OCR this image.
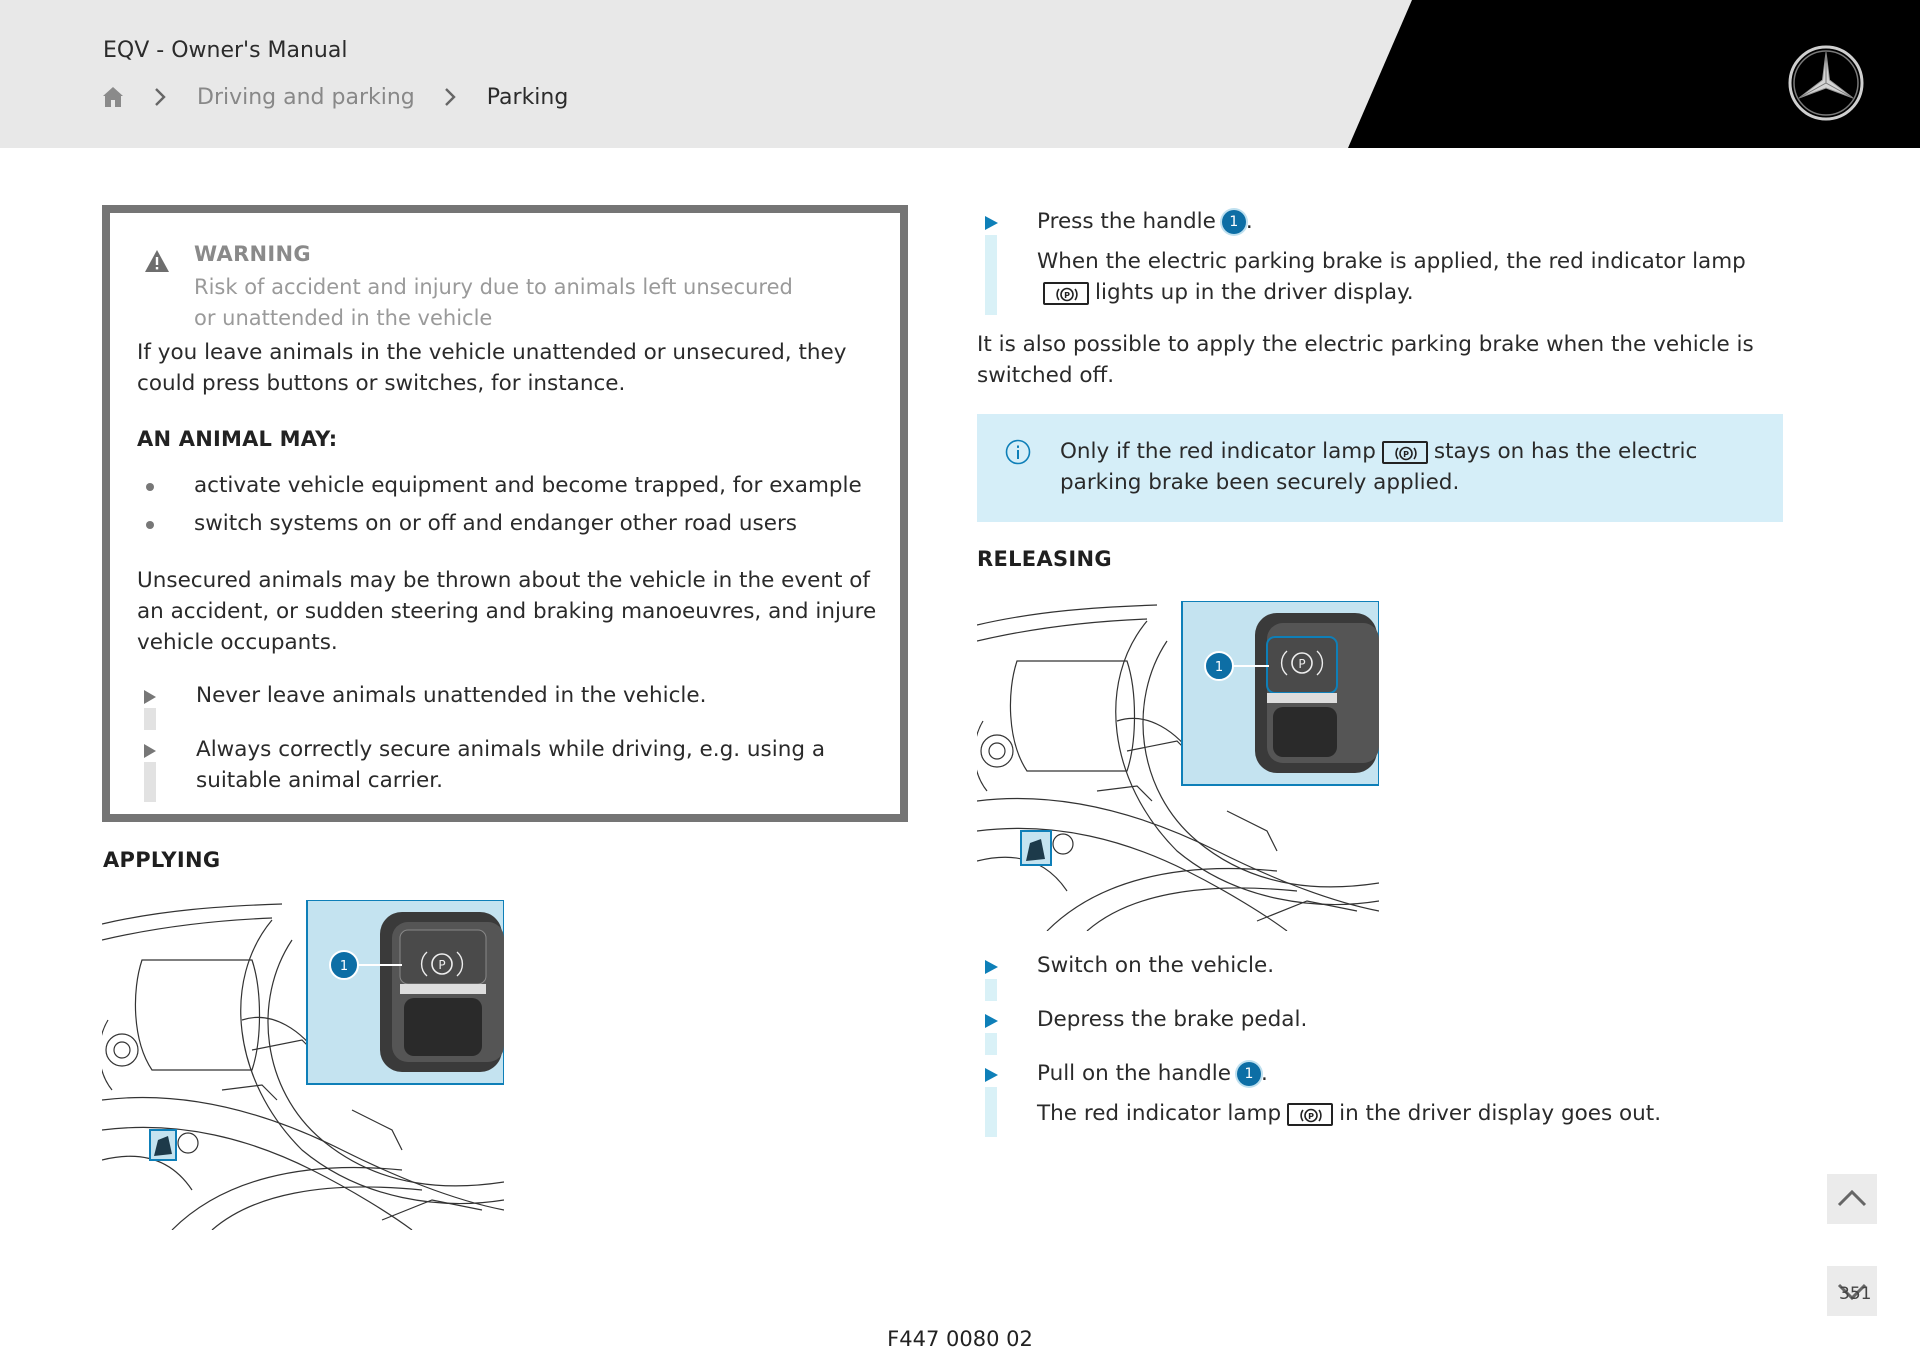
EQV - Owner's Manual
Driving and parking	Parking
WARNING
Risk of accident and injury due to animals left unsecured or unattended in the vehicle
If you leave animals in the vehicle unattended or unsecured, they could press buttons or switches, for instance.
AN ANIMAL MAY:
activate vehicle equipment and become trapped, for example
switch systems on or off and endanger other road users
Unsecured animals may be thrown about the vehicle in the event of an accident, or sudden steering and braking manoeuvres, and injure vehicle occupants.
Never leave animals unattended in the vehicle.
Always correctly secure animals while driving, e.g. using a suitable animal carrier.
APPLYING
P
1
Press the handle 1 .
When the electric parking brake is applied, the red indicator lamp
P lights up in the driver display.
It is also possible to apply the electric parking brake when the vehicle is switched off.
Only if the red indicator lamp	P stays on has the electric parking brake been securely applied.
RELEASING
P
1
Switch on the vehicle.
Depress the brake pedal.
Pull on the handle 1 .
The red indicator lamp	P in the driver display goes out.
351
F447 0080 02
